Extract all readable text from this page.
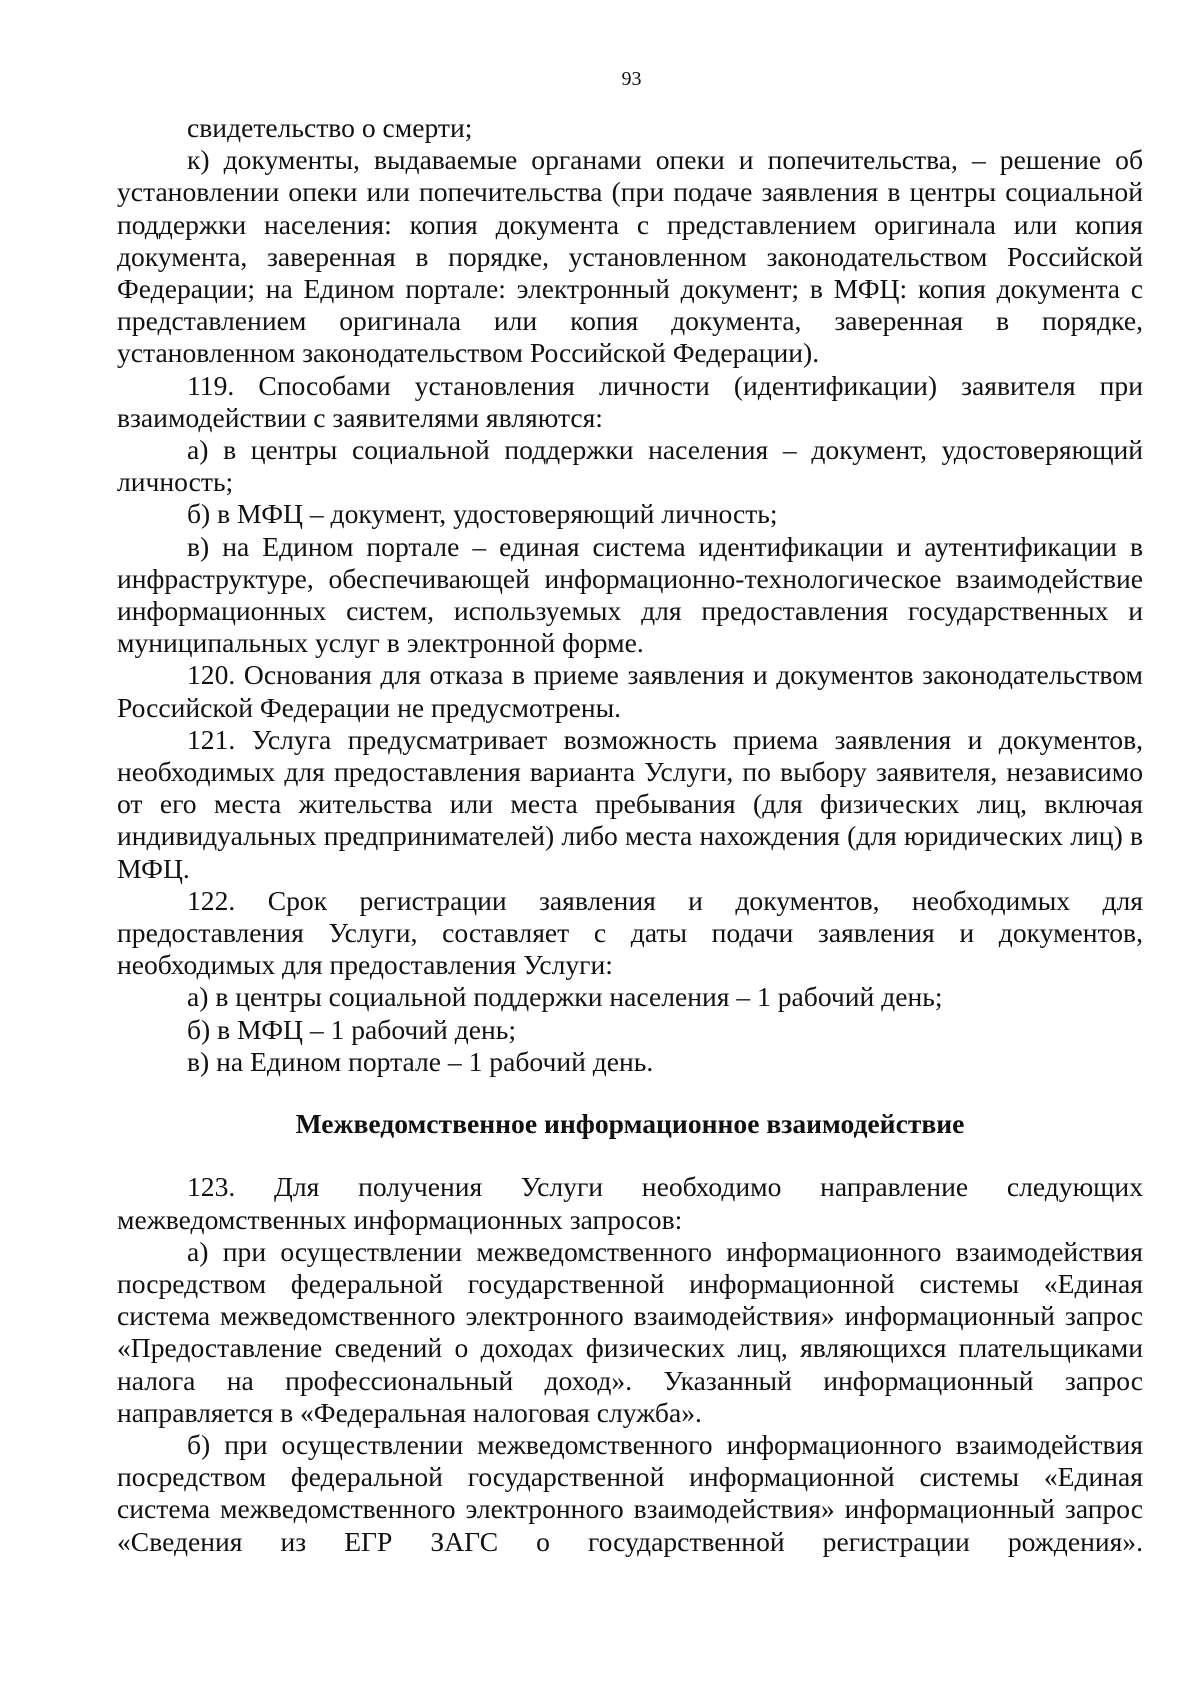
93

свидетельство о смерти;

к) документы, выдаваемые органами опеки и попечительства, – решение об установлении опеки или попечительства (при подаче заявления в центры социальной поддержки населения: копия документа с представлением оригинала или копия документа, заверенная в порядке, установленном законодательством Российской Федерации; на Едином портале: электронный документ; в МФЦ: копия документа с представлением оригинала или копия документа, заверенная в порядке, установленном законодательством Российской Федерации).

119. Способами установления личности (идентификации) заявителя при взаимодействии с заявителями являются:

а) в центры социальной поддержки населения – документ, удостоверяющий личность;

б) в МФЦ – документ, удостоверяющий личность;

в) на Едином портале – единая система идентификации и аутентификации в инфраструктуре, обеспечивающей информационно-технологическое взаимодействие информационных систем, используемых для предоставления государственных и муниципальных услуг в электронной форме.

120. Основания для отказа в приеме заявления и документов законодательством Российской Федерации не предусмотрены.

121. Услуга предусматривает возможность приема заявления и документов, необходимых для предоставления варианта Услуги, по выбору заявителя, независимо от его места жительства или места пребывания (для физических лиц, включая индивидуальных предпринимателей) либо места нахождения (для юридических лиц) в МФЦ.

122. Срок регистрации заявления и документов, необходимых для предоставления Услуги, составляет с даты подачи заявления и документов, необходимых для предоставления Услуги:

а) в центры социальной поддержки населения – 1 рабочий день;

б) в МФЦ – 1 рабочий день;

в) на Едином портале – 1 рабочий день.

Межведомственное информационное взаимодействие

123. Для получения Услуги необходимо направление следующих межведомственных информационных запросов:

а) при осуществлении межведомственного информационного взаимодействия посредством федеральной государственной информационной системы «Единая система межведомственного электронного взаимодействия» информационный запрос «Предоставление сведений о доходах физических лиц, являющихся плательщиками налога на профессиональный доход». Указанный информационный запрос направляется в «Федеральная налоговая служба».

б) при осуществлении межведомственного информационного взаимодействия посредством федеральной государственной информационной системы «Единая система межведомственного электронного взаимодействия» информационный запрос «Сведения из ЕГР ЗАГС о государственной регистрации рождения».
